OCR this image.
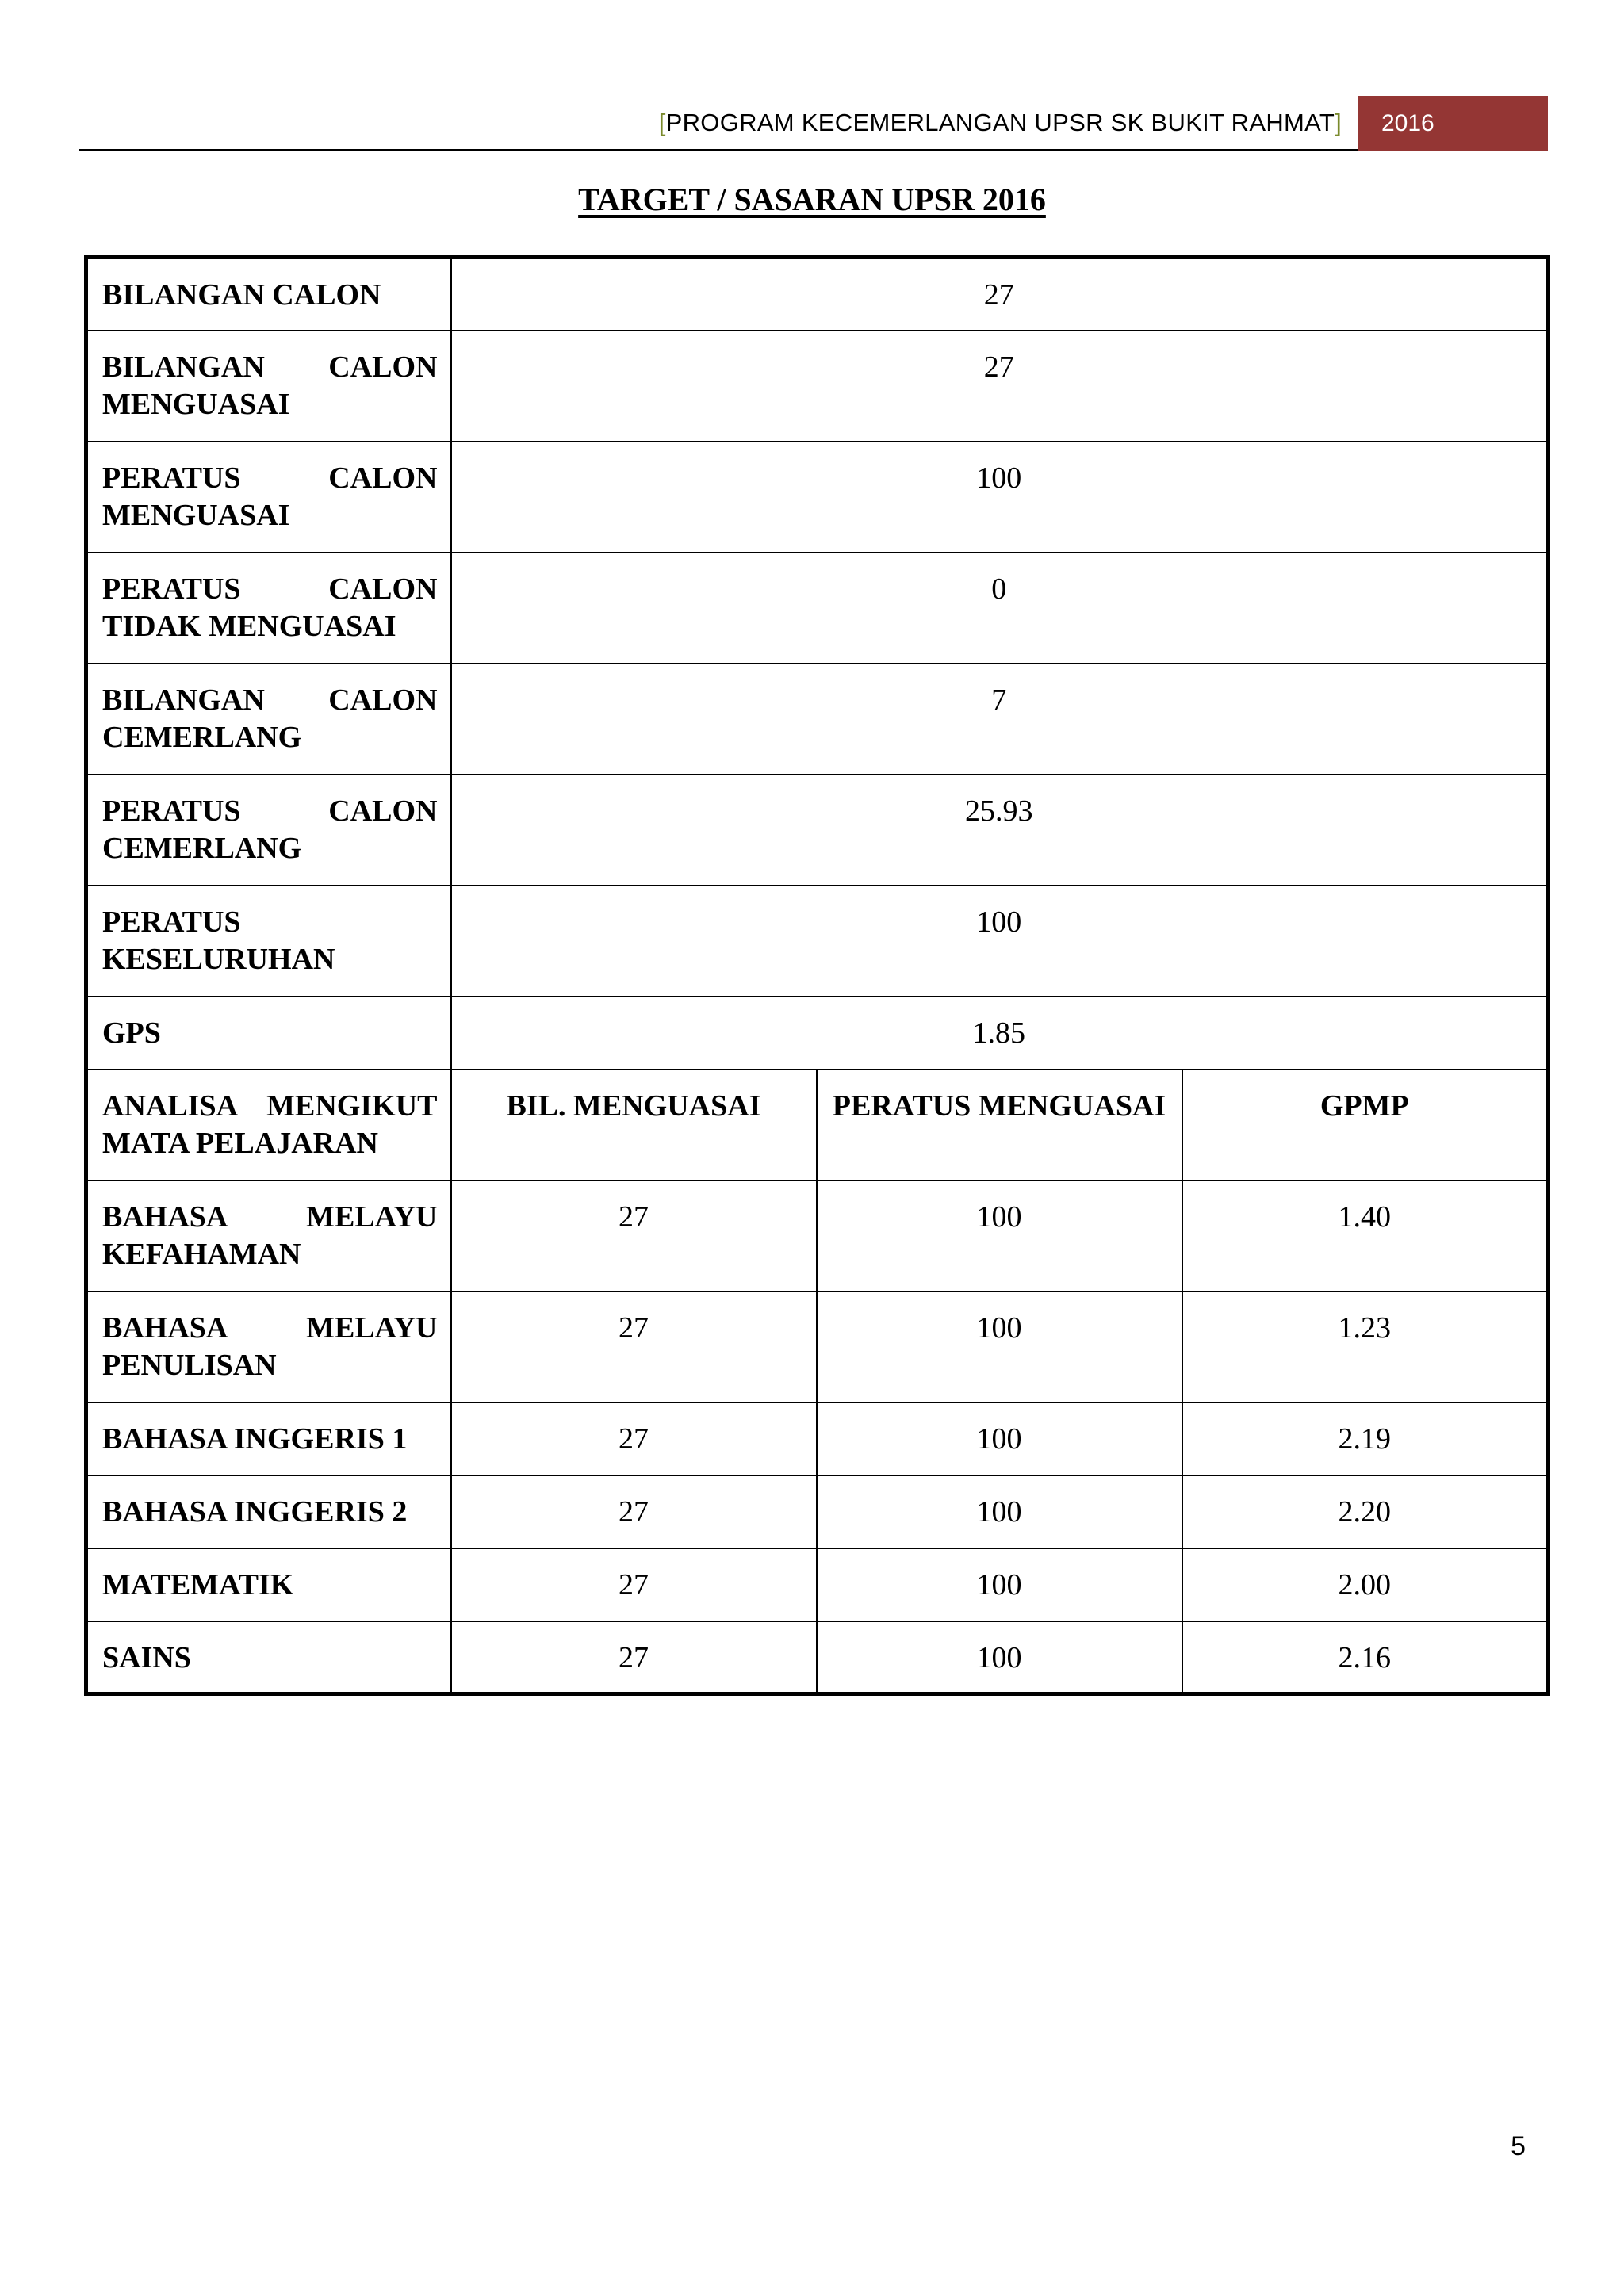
[PROGRAM KECEMERLANGAN UPSR SK BUKIT RAHMAT]	2016
TARGET / SASARAN UPSR 2016
BILANGAN CALON	27		
BILANGAN CALON MENGUASAI	27		
PERATUS CALON MENGUASAI	100		
PERATUS CALON TIDAK MENGUASAI	0		
BILANGAN CALON CEMERLANG	7		
PERATUS CALON CEMERLANG	25.93		
PERATUS KESELURUHAN	100		
GPS	1.85		
ANALISA MENGIKUT MATA PELAJARAN	BIL. MENGUASAI	PERATUS MENGUASAI	GPMP
BAHASA MELAYU KEFAHAMAN	27	100	1.40
BAHASA MELAYU PENULISAN	27	100	1.23
BAHASA INGGERIS 1	27	100	2.19
BAHASA INGGERIS 2	27	100	2.20
MATEMATIK	27	100	2.00
SAINS	27	100	2.16
5
